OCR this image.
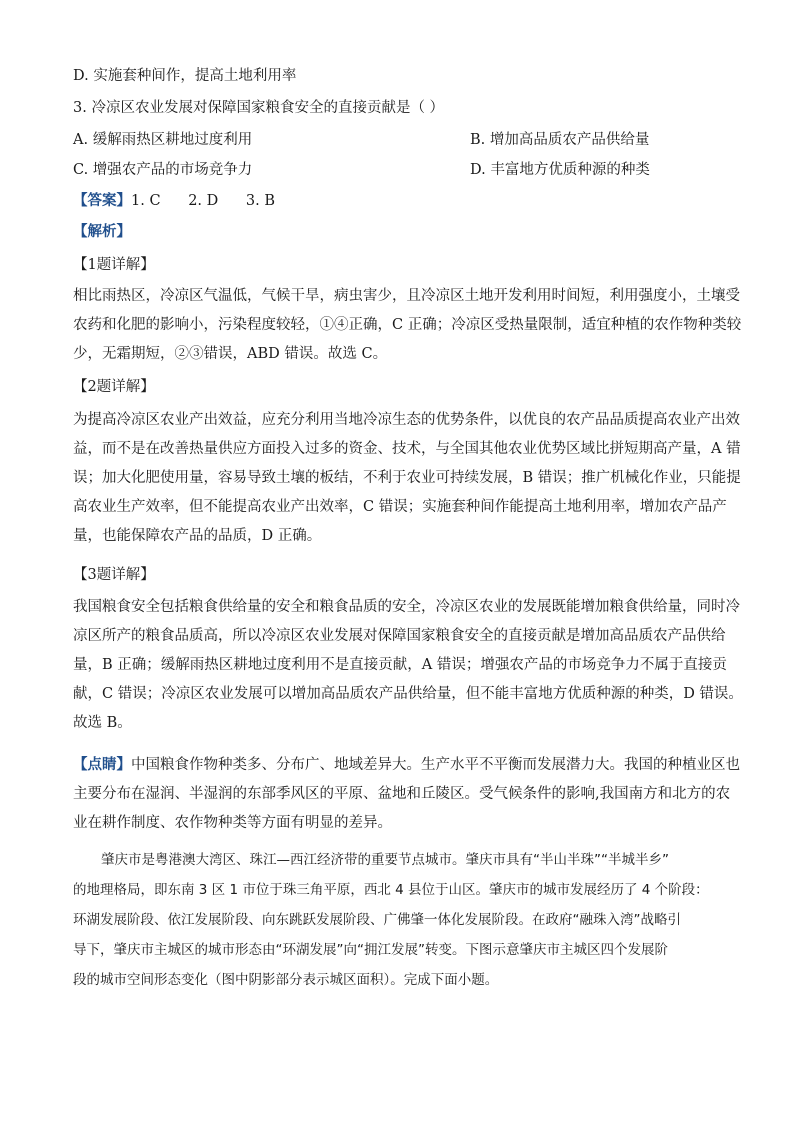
D. 实施套种间作，提高土地利用率
3. 冷凉区农业发展对保障国家粮食安全的直接贡献是（ ）
A. 缓解雨热区耕地过度利用	B. 增加高品质农产品供给量
C. 增强农产品的市场竞争力	D. 丰富地方优质种源的种类
【答案】1. C      2. D      3. B
【解析】
【1题详解】
相比雨热区，冷凉区气温低，气候干旱，病虫害少，且冷凉区土地开发利用时间短，利用强度小，土壤受
农药和化肥的影响小，污染程度较轻，①④正确，C 正确；冷凉区受热量限制，适宜种植的农作物种类较
少，无霜期短，②③错误，ABD 错误。故选 C。
【2题详解】
为提高冷凉区农业产出效益，应充分利用当地冷凉生态的优势条件，以优良的农产品品质提高农业产出效
益，而不是在改善热量供应方面投入过多的资金、技术，与全国其他农业优势区域比拼短期高产量，A 错
误；加大化肥使用量，容易导致土壤的板结，不利于农业可持续发展，B 错误；推广机械化作业，只能提
高农业生产效率，但不能提高农业产出效率，C 错误；实施套种间作能提高土地利用率，增加农产品产
量，也能保障农产品的品质，D 正确。
【3题详解】
我国粮食安全包括粮食供给量的安全和粮食品质的安全，冷凉区农业的发展既能增加粮食供给量，同时冷
凉区所产的粮食品质高，所以冷凉区农业发展对保障国家粮食安全的直接贡献是增加高品质农产品供给
量，B 正确；缓解雨热区耕地过度利用不是直接贡献，A 错误；增强农产品的市场竞争力不属于直接贡
献，C 错误；冷凉区农业发展可以增加高品质农产品供给量，但不能丰富地方优质种源的种类，D 错误。
故选 B。
【点睛】中国粮食作物种类多、分布广、地域差异大。生产水平不平衡而发展潜力大。我国的种植业区也
主要分布在湿润、半湿润的东部季风区的平原、盆地和丘陵区。受气候条件的影响,我国南方和北方的农
业在耕作制度、农作物种类等方面有明显的差异。
肇庆市是粤港澳大湾区、珠江—西江经济带的重要节点城市。肇庆市具有“半山半珠”“半城半乡”
的地理格局，即东南 3 区 1 市位于珠三角平原，西北 4 县位于山区。肇庆市的城市发展经历了 4 个阶段：
环湖发展阶段、依江发展阶段、向东跳跃发展阶段、广佛肇一体化发展阶段。在政府“融珠入湾”战略引
导下，肇庆市主城区的城市形态由“环湖发展”向“拥江发展”转变。下图示意肇庆市主城区四个发展阶
段的城市空间形态变化（图中阴影部分表示城区面积）。完成下面小题。
